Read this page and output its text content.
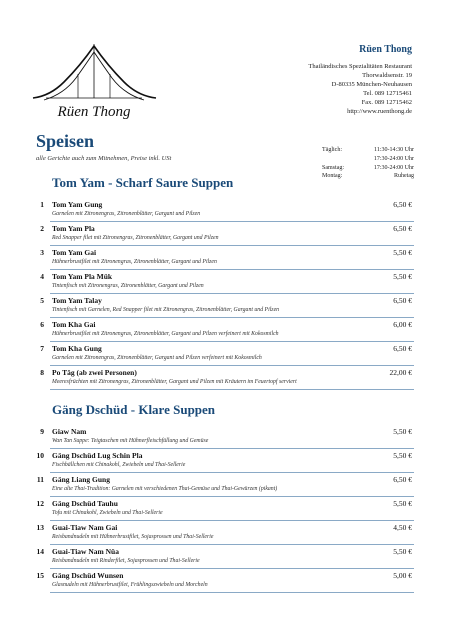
Rüen Thong
Rüen Thong
Thailändisches Spezialitäten Restaurant
Thorwaldsenstr. 19
D-80335 München-Neuhausen
Tel. 089 12715461
Fax. 089 12715462
http://www.ruenthong.de
Täglich:	11:30-14:30 Uhr
17:30-24:00 Uhr
Samstag:	17:30-24:00 Uhr
Montag:	Ruhetag
Speisen
alle Gerichte auch zum Mitnehmen, Preise inkl. USt
Tom Yam - Scharf Saure Suppen
1 Tom Yam Gung	6,50 €
Garnelen mit Zitronengras, Zitronenblätter, Gargant und Pilzen
2 Tom Yam Pla	6,50 €
Red Snapper filet mit Zitronengras, Zitronenblätter, Gargant und Pilzen
3 Tom Yam Gai	5,50 €
Hühnerbrustfilet mit Zitronengras, Zitronenblätter, Gargant und Pilzen
4 Tom Yam Pla Mük	5,50 €
Tintenfisch mit Zitronengras, Zitronenblätter, Gargant und Pilzen
5 Tom Yam Talay	6,50 €
Tintenfisch mit Garnelen, Red Snapper filet mit Zitronengras, Zitronenblätter, Gargant und Pilzen
6 Tom Kha Gai	6,00 €
Hühnerbrustfilet mit Zitronengras, Zitronenblätter, Gargant und Pilzen verfeinert mit Kokosmilch
7 Tom Kha Gung	6,50 €
Garnelen mit Zitronengras, Zitronenblätter, Gargant und Pilzen verfeinert mit Kokosmilch
8 Po Täg (ab zwei Personen)	22,00 €
Meeresfrüchten mit Zitronengras, Zitronenblätter, Gargant und Pilzen mit Kräutern im Feuertopf serviert
Gäng Dschüd - Klare Suppen
9 Giaw Nam	5,50 €
Wan Tan Suppe: Teigtaschen mit Hühnerfleischfüllung und Gemüse
10 Gäng Dschüd Lug Schin Pla	5,50 €
Fischbällchen mit Chinakohl, Zwiebeln und Thai-Sellerie
11 Gäng Liang Gung	6,50 €
Eine alte Thai-Tradition: Garnelen mit verschiedenen Thai-Gemüse und Thai-Gewürzen (pikant)
12 Gäng Dschüd Tauhu	5,50 €
Tofu mit Chinakohl, Zwiebeln und Thai-Sellerie
13 Guai-Tiaw Nam Gai	4,50 €
Reisbandnudeln mit Hühnerbrustfilet, Sojasprossen und Thai-Sellerie
14 Guai-Tiaw Nam Nüa	5,50 €
Reisbandnudeln mit Rinderfilet, Sojasprossen und Thai-Sellerie
15 Gäng Dschüd Wunsen	5,00 €
Glasnudeln mit Hühnerbrustfilet, Frühlingszwiebeln und Morcheln
